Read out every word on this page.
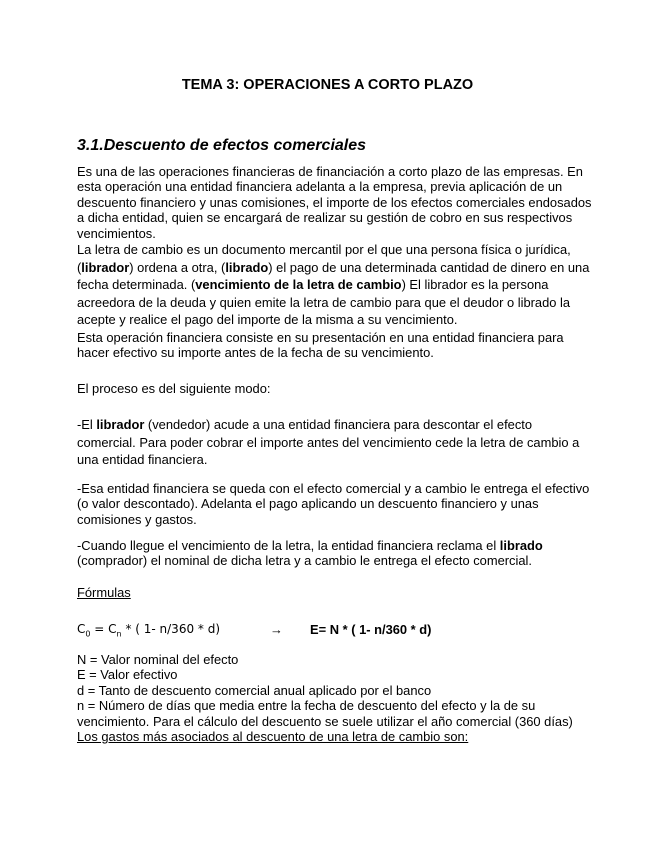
TEMA 3: OPERACIONES A CORTO PLAZO
3.1.Descuento de efectos comerciales

Es una de las operaciones financieras de financiación a corto plazo de las empresas. En esta operación una entidad financiera adelanta a la empresa, previa aplicación de un descuento financiero y unas comisiones, el importe de los efectos comerciales endosados a dicha entidad, quien se encargará de realizar su gestión de cobro en sus respectivos vencimientos.

La letra de cambio es un documento mercantil por el que una persona física o jurídica, (librador) ordena a otra, (librado) el pago de una determinada cantidad de dinero en una fecha determinada. (vencimiento de la letra de cambio) El librador es la persona acreedora de la deuda y quien emite la letra de cambio para que el deudor o librado la acepte y realice el pago del importe de la misma a su vencimiento.

Esta operación financiera consiste en su presentación en una entidad financiera para hacer efectivo su importe antes de la fecha de su vencimiento.

El proceso es del siguiente modo:

-El librador (vendedor) acude a una entidad financiera para descontar el efecto comercial. Para poder cobrar el importe antes del vencimiento cede la letra de cambio a una entidad financiera.

-Esa entidad financiera se queda con el efecto comercial y a cambio le entrega el efectivo (o valor descontado). Adelanta el pago aplicando un descuento financiero y unas comisiones y gastos.

-Cuando llegue el vencimiento de la letra, la entidad financiera reclama el librado (comprador) el nominal de dicha letra y a cambio le entrega el efecto comercial.

Fórmulas
$C_0 = C_n$ * ( 1- n/360 * d)	→ E= N * ( 1- n/360 * d)

N = Valor nominal del efecto

E = Valor efectivo

d = Tanto de descuento comercial anual aplicado por el banco

n = Número de días que media entre la fecha de descuento del efecto y la de su vencimiento. Para el cálculo del descuento se suele utilizar el año comercial (360 días)

Los gastos más asociados al descuento de una letra de cambio son:
